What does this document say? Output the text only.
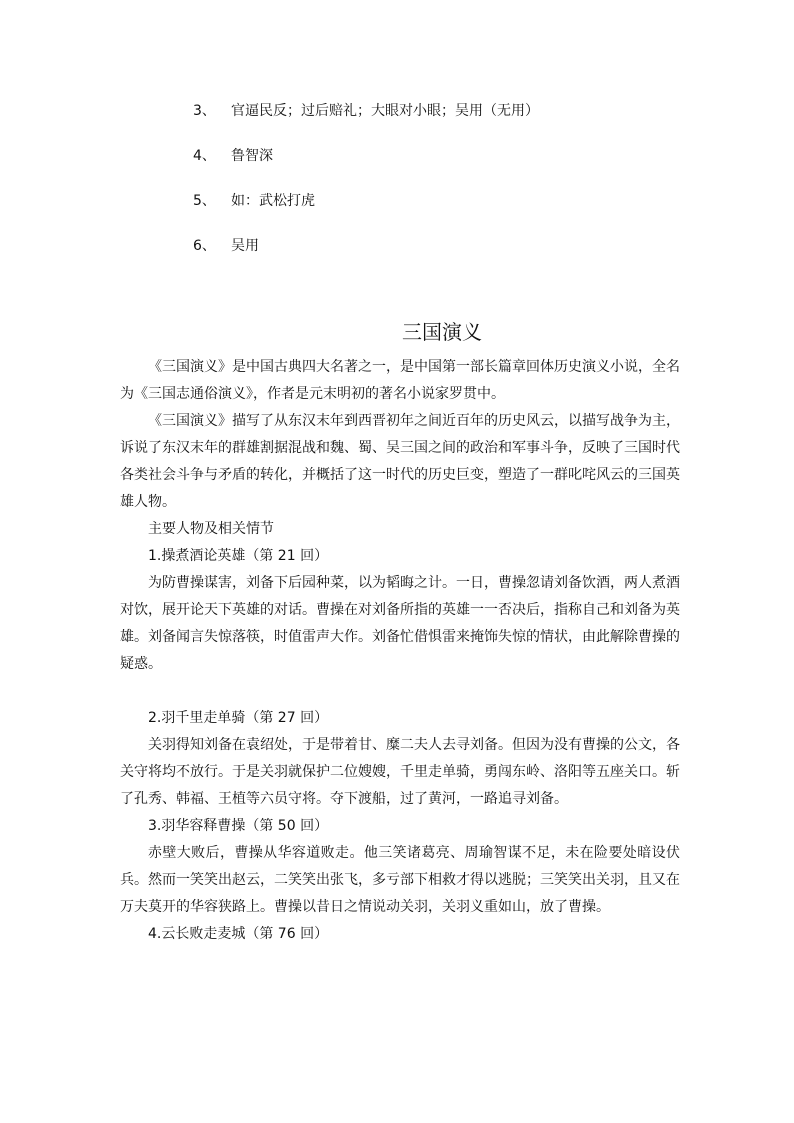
3、 官逼民反；过后赔礼；大眼对小眼；吴用（无用）
4、 鲁智深
5、 如：武松打虎
6、 吴用
三国演义

《三国演义》是中国古典四大名著之一，是中国第一部长篇章回体历史演义小说，全名为《三国志通俗演义》，作者是元末明初的著名小说家罗贯中。

《三国演义》描写了从东汉末年到西晋初年之间近百年的历史风云，以描写战争为主，诉说了东汉末年的群雄割据混战和魏、蜀、吴三国之间的政治和军事斗争，反映了三国时代各类社会斗争与矛盾的转化，并概括了这一时代的历史巨变，塑造了一群叱咤风云的三国英雄人物。

主要人物及相关情节

1.操煮酒论英雄（第 21 回）

为防曹操谋害，刘备下后园种菜，以为韬晦之计。一日，曹操忽请刘备饮酒，两人煮酒对饮，展开论天下英雄的对话。曹操在对刘备所指的英雄一一否决后，指称自己和刘备为英雄。刘备闻言失惊落筷，时值雷声大作。刘备忙借惧雷来掩饰失惊的情状，由此解除曹操的疑惑。

2.羽千里走单骑（第 27 回）

关羽得知刘备在袁绍处，于是带着甘、糜二夫人去寻刘备。但因为没有曹操的公文，各关守将均不放行。于是关羽就保护二位嫂嫂，千里走单骑，勇闯东岭、洛阳等五座关口。斩了孔秀、韩福、王植等六员守将。夺下渡船，过了黄河，一路追寻刘备。

3.羽华容释曹操（第 50 回）

赤壁大败后，曹操从华容道败走。他三笑诸葛亮、周瑜智谋不足，未在险要处暗设伏兵。然而一笑笑出赵云，二笑笑出张飞，多亏部下相救才得以逃脱；三笑笑出关羽，且又在万夫莫开的华容狭路上。曹操以昔日之情说动关羽，关羽义重如山，放了曹操。

4.云长败走麦城（第 76 回）
